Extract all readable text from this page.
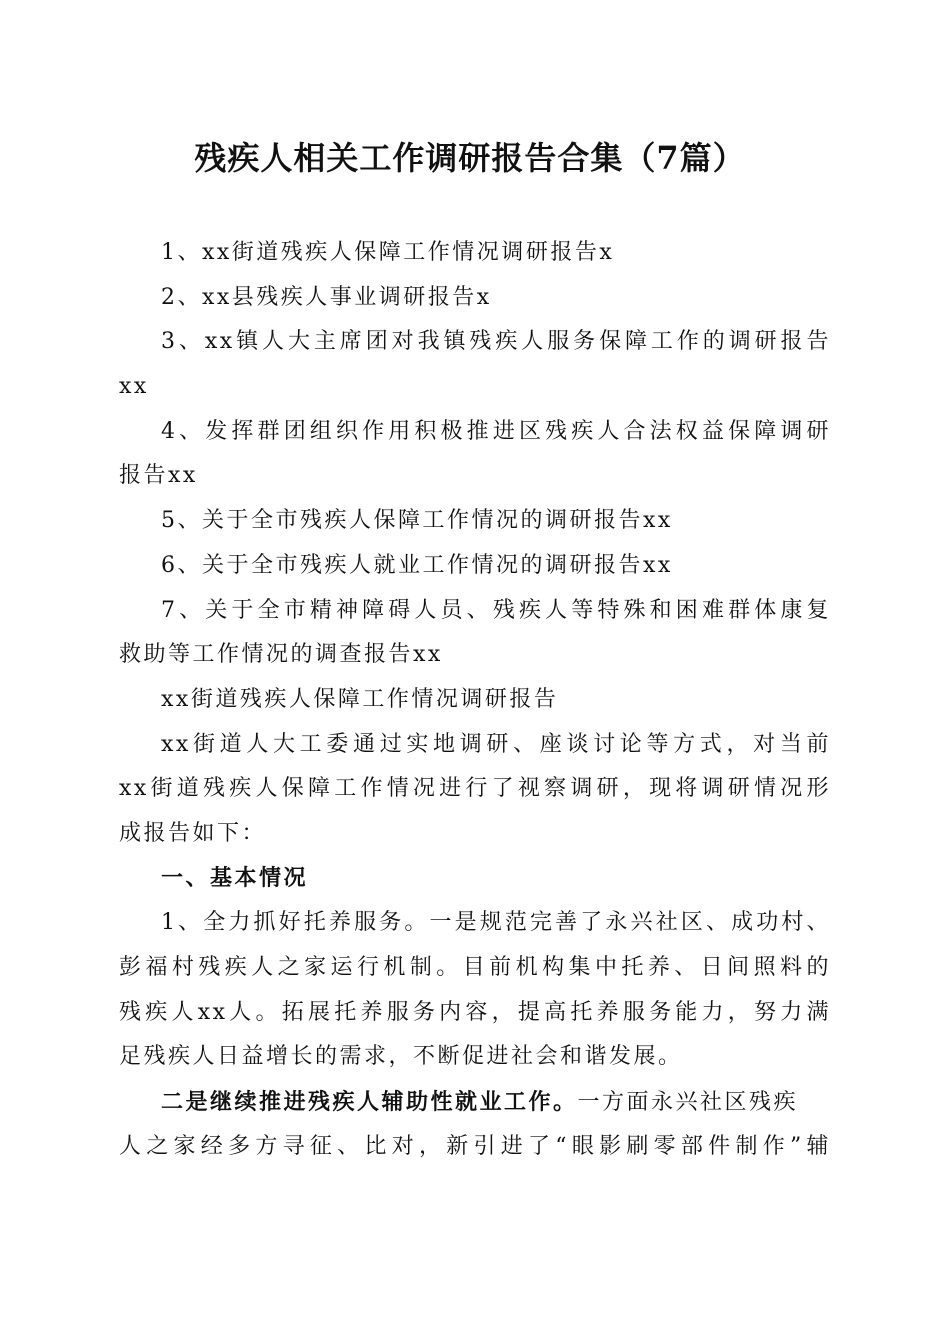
残疾人相关工作调研报告合集（7篇）
1、xx街道残疾人保障工作情况调研报告x
2、xx县残疾人事业调研报告x
3、xx镇人大主席团对我镇残疾人服务保障工作的调研报告
xx
4、发挥群团组织作用积极推进区残疾人合法权益保障调研
报告xx
5、关于全市残疾人保障工作情况的调研报告xx
6、关于全市残疾人就业工作情况的调研报告xx
7、关于全市精神障碍人员、残疾人等特殊和困难群体康复
救助等工作情况的调查报告xx
xx街道残疾人保障工作情况调研报告
xx街道人大工委通过实地调研、座谈讨论等方式，对当前
xx街道残疾人保障工作情况进行了视察调研，现将调研情况形
成报告如下：
一、基本情况
1、全力抓好托养服务。一是规范完善了永兴社区、成功村、
彭福村残疾人之家运行机制。目前机构集中托养、日间照料的
残疾人xx人。拓展托养服务内容，提高托养服务能力，努力满
足残疾人日益增长的需求，不断促进社会和谐发展。
二是继续推进残疾人辅助性就业工作。一方面永兴社区残疾
人之家经多方寻征、比对，新引进了“眼影刷零部件制作”辅
